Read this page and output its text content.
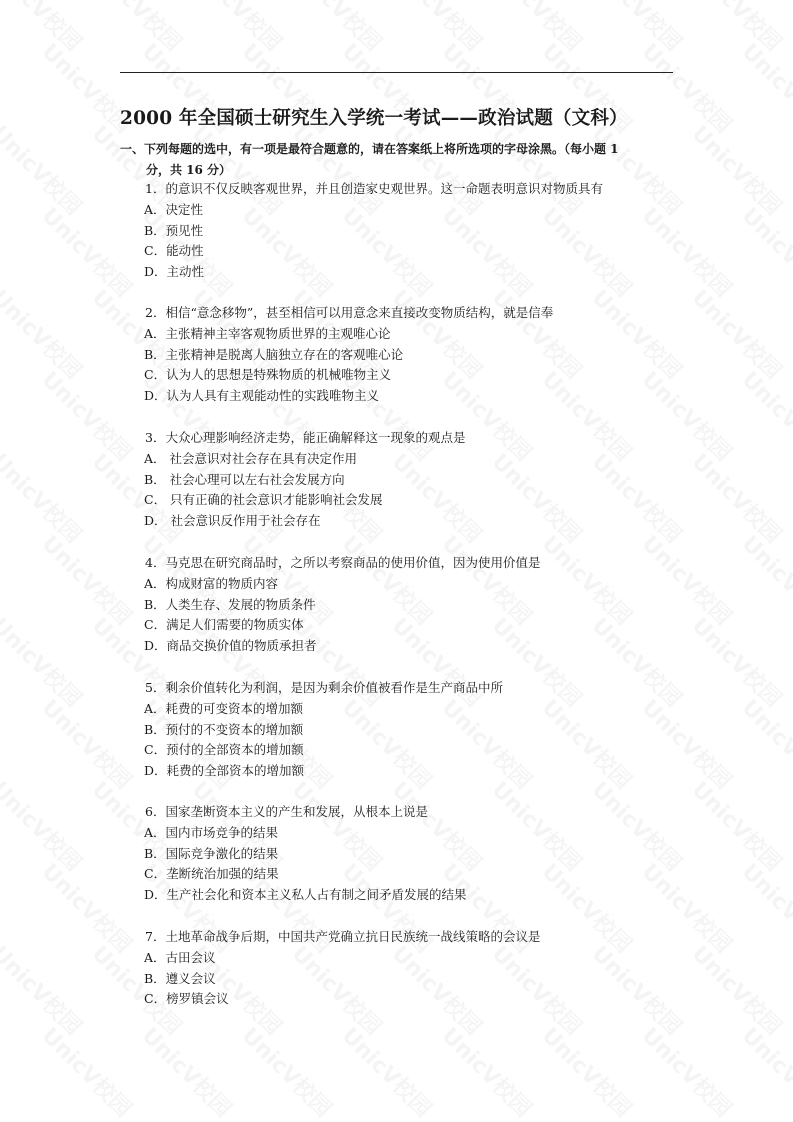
2000 年全国硕士研究生入学统一考试——政治试题（文科）
一、下列每题的选中，有一项是最符合题意的，请在答案纸上将所选项的字母涂黑。（每小题 1
分，共 16 分）
1．的意识不仅反映客观世界，并且创造家史观世界。这一命题表明意识对物质具有
A．决定性
B．预见性
C．能动性
D．主动性
2．相信“意念移物”，甚至相信可以用意念来直接改变物质结构，就是信奉
A．主张精神主宰客观物质世界的主观唯心论
B．主张精神是脱离人脑独立存在的客观唯心论
C．认为人的思想是特殊物质的机械唯物主义
D．认为人具有主观能动性的实践唯物主义
3．大众心理影响经济走势，能正确解释这一现象的观点是
A． 社会意识对社会存在具有决定作用
B． 社会心理可以左右社会发展方向
C． 只有正确的社会意识才能影响社会发展
D． 社会意识反作用于社会存在
4．马克思在研究商品时，之所以考察商品的使用价值，因为使用价值是
A．构成财富的物质内容
B．人类生存、发展的物质条件
C．满足人们需要的物质实体
D．商品交换价值的物质承担者
5．剩余价值转化为利润，是因为剩余价值被看作是生产商品中所
A．耗费的可变资本的增加额
B．预付的不变资本的增加额
C．预付的全部资本的增加额
D．耗费的全部资本的增加额
6．国家垄断资本主义的产生和发展，从根本上说是
A．国内市场竞争的结果
B．国际竞争激化的结果
C．垄断统治加强的结果
D．生产社会化和资本主义私人占有制之间矛盾发展的结果
7．土地革命战争后期，中国共产党确立抗日民族统一战线策略的会议是
A．古田会议
B．遵义会议
C．榜罗镇会议
